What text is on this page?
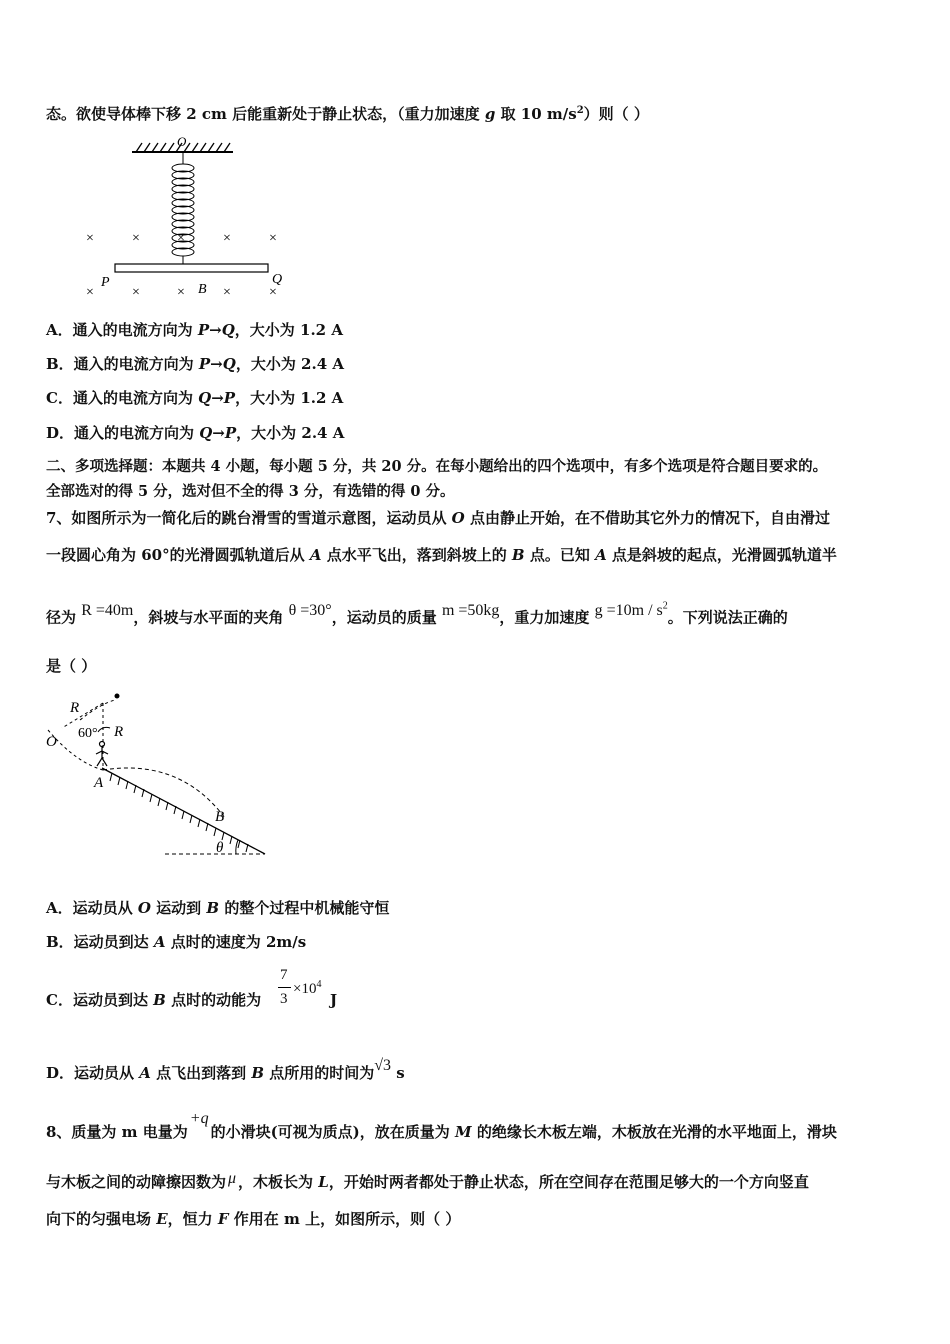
态。欲使导体棒下移 2 cm 后能重新处于静止状态，（重力加速度 g 取 10 $m/s^2$）则（ ）
O
×	×	×	×	×
×	×	×	×	×
P	Q
B
A．通入的电流方向为 P→Q，大小为 1.2 A
B．通入的电流方向为 P→Q，大小为 2.4 A
C．通入的电流方向为 Q→P，大小为 1.2 A
D．通入的电流方向为 Q→P，大小为 2.4 A
二、多项选择题：本题共 4 小题，每小题 5 分，共 20 分。在每小题给出的四个选项中，有多个选项是符合题目要求的。
全部选对的得 5 分，选对但不全的得 3 分，有选错的得 0 分。
7、如图所示为一简化后的跳台滑雪的雪道示意图，运动员从 O 点由静止开始，在不借助其它外力的情况下，自由滑过
一段圆心角为 60°的光滑圆弧轨道后从 A 点水平飞出，落到斜坡上的 B 点。已知 A 点是斜坡的起点，光滑圆弧轨道半
径为 R =40m，斜坡与水平面的夹角 θ =30°，运动员的质量 m =50kg，重力加速度 $g =10m / s^2$。下列说法正确的
是（ ）
R
R
60°
O
A
B
θ
A．运动员从 O 运动到 B 的整个过程中机械能守恒
B．运动员到达 A 点时的速度为 2m/s
C．运动员到达 B 点时的动能为
7
3
$\times 10^4$
J
D．运动员从 A 点飞出到落到 B 点所用的时间为√3 s
8、质量为 m 电量为+q的小滑块(可视为质点)，放在质量为 M 的绝缘长木板左端，木板放在光滑的水平地面上，滑块
与木板之间的动障擦因数为 μ ，木板长为 L，开始时两者都处于静止状态，所在空间存在范围足够大的一个方向竖直
向下的匀强电场 E，恒力 F 作用在 m 上，如图所示，则（ ）
